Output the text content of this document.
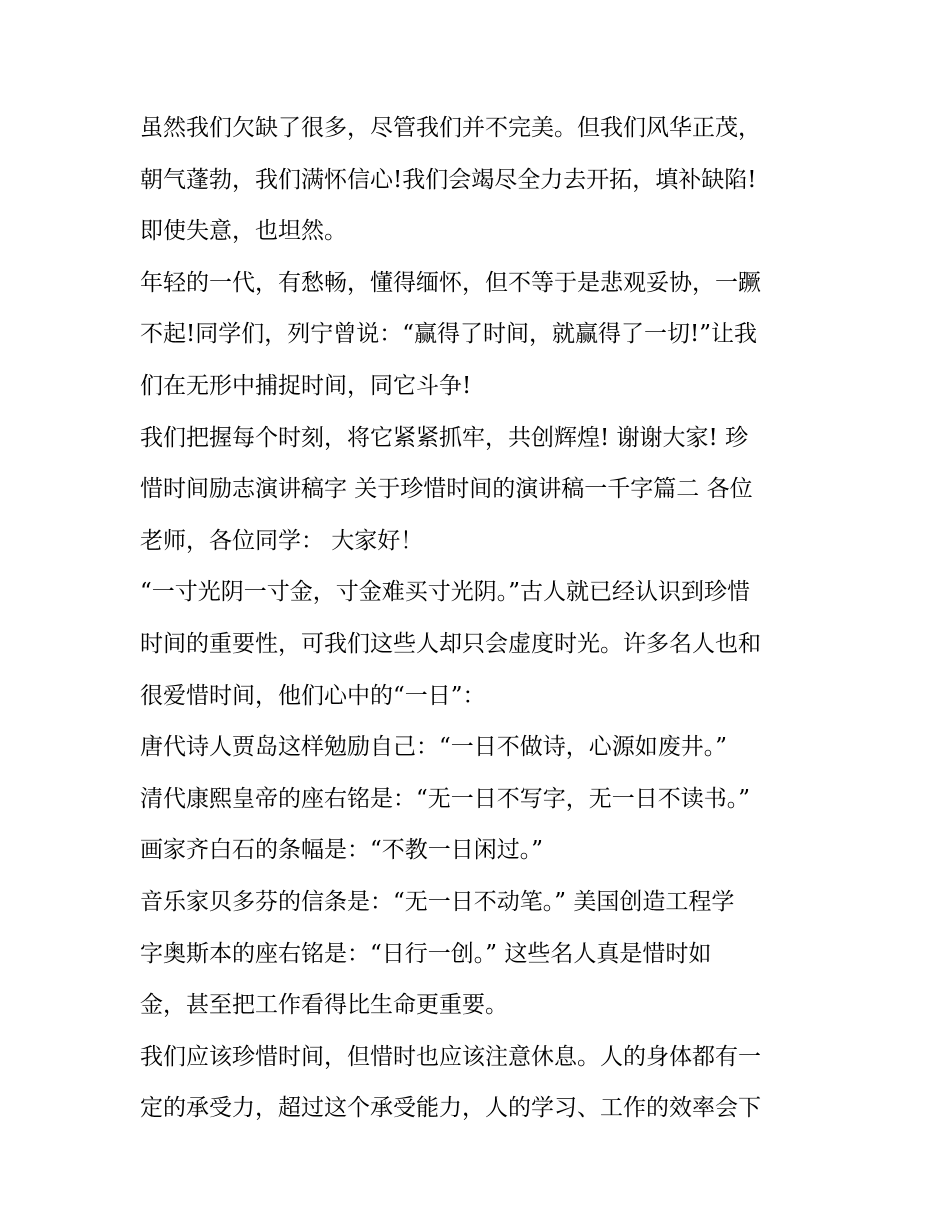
虽然我们欠缺了很多，尽管我们并不完美。但我们风华正茂，

朝气蓬勃，我们满怀信心!我们会竭尽全力去开拓，填补缺陷!

即使失意，也坦然。

年轻的一代，有愁畅，懂得缅怀，但不等于是悲观妥协，一蹶

不起!同学们，列宁曾说：“赢得了时间，就赢得了一切!”让我

们在无形中捕捉时间，同它斗争!

我们把握每个时刻，将它紧紧抓牢，共创辉煌! 谢谢大家! 珍

惜时间励志演讲稿字 关于珍惜时间的演讲稿一千字篇二 各位

老师，各位同学： 大家好！

“一寸光阴一寸金，寸金难买寸光阴。”古人就已经认识到珍惜

时间的重要性，可我们这些人却只会虚度时光。许多名人也和

很爱惜时间，他们心中的“一日”：

唐代诗人贾岛这样勉励自己：“一日不做诗，心源如废井。”

清代康熙皇帝的座右铭是：“无一日不写字，无一日不读书。”

画家齐白石的条幅是：“不教一日闲过。”

音乐家贝多芬的信条是：“无一日不动笔。” 美国创造工程学

字奥斯本的座右铭是：“日行一创。” 这些名人真是惜时如

金，甚至把工作看得比生命更重要。

我们应该珍惜时间，但惜时也应该注意休息。人的身体都有一

定的承受力，超过这个承受能力，人的学习、工作的效率会下
